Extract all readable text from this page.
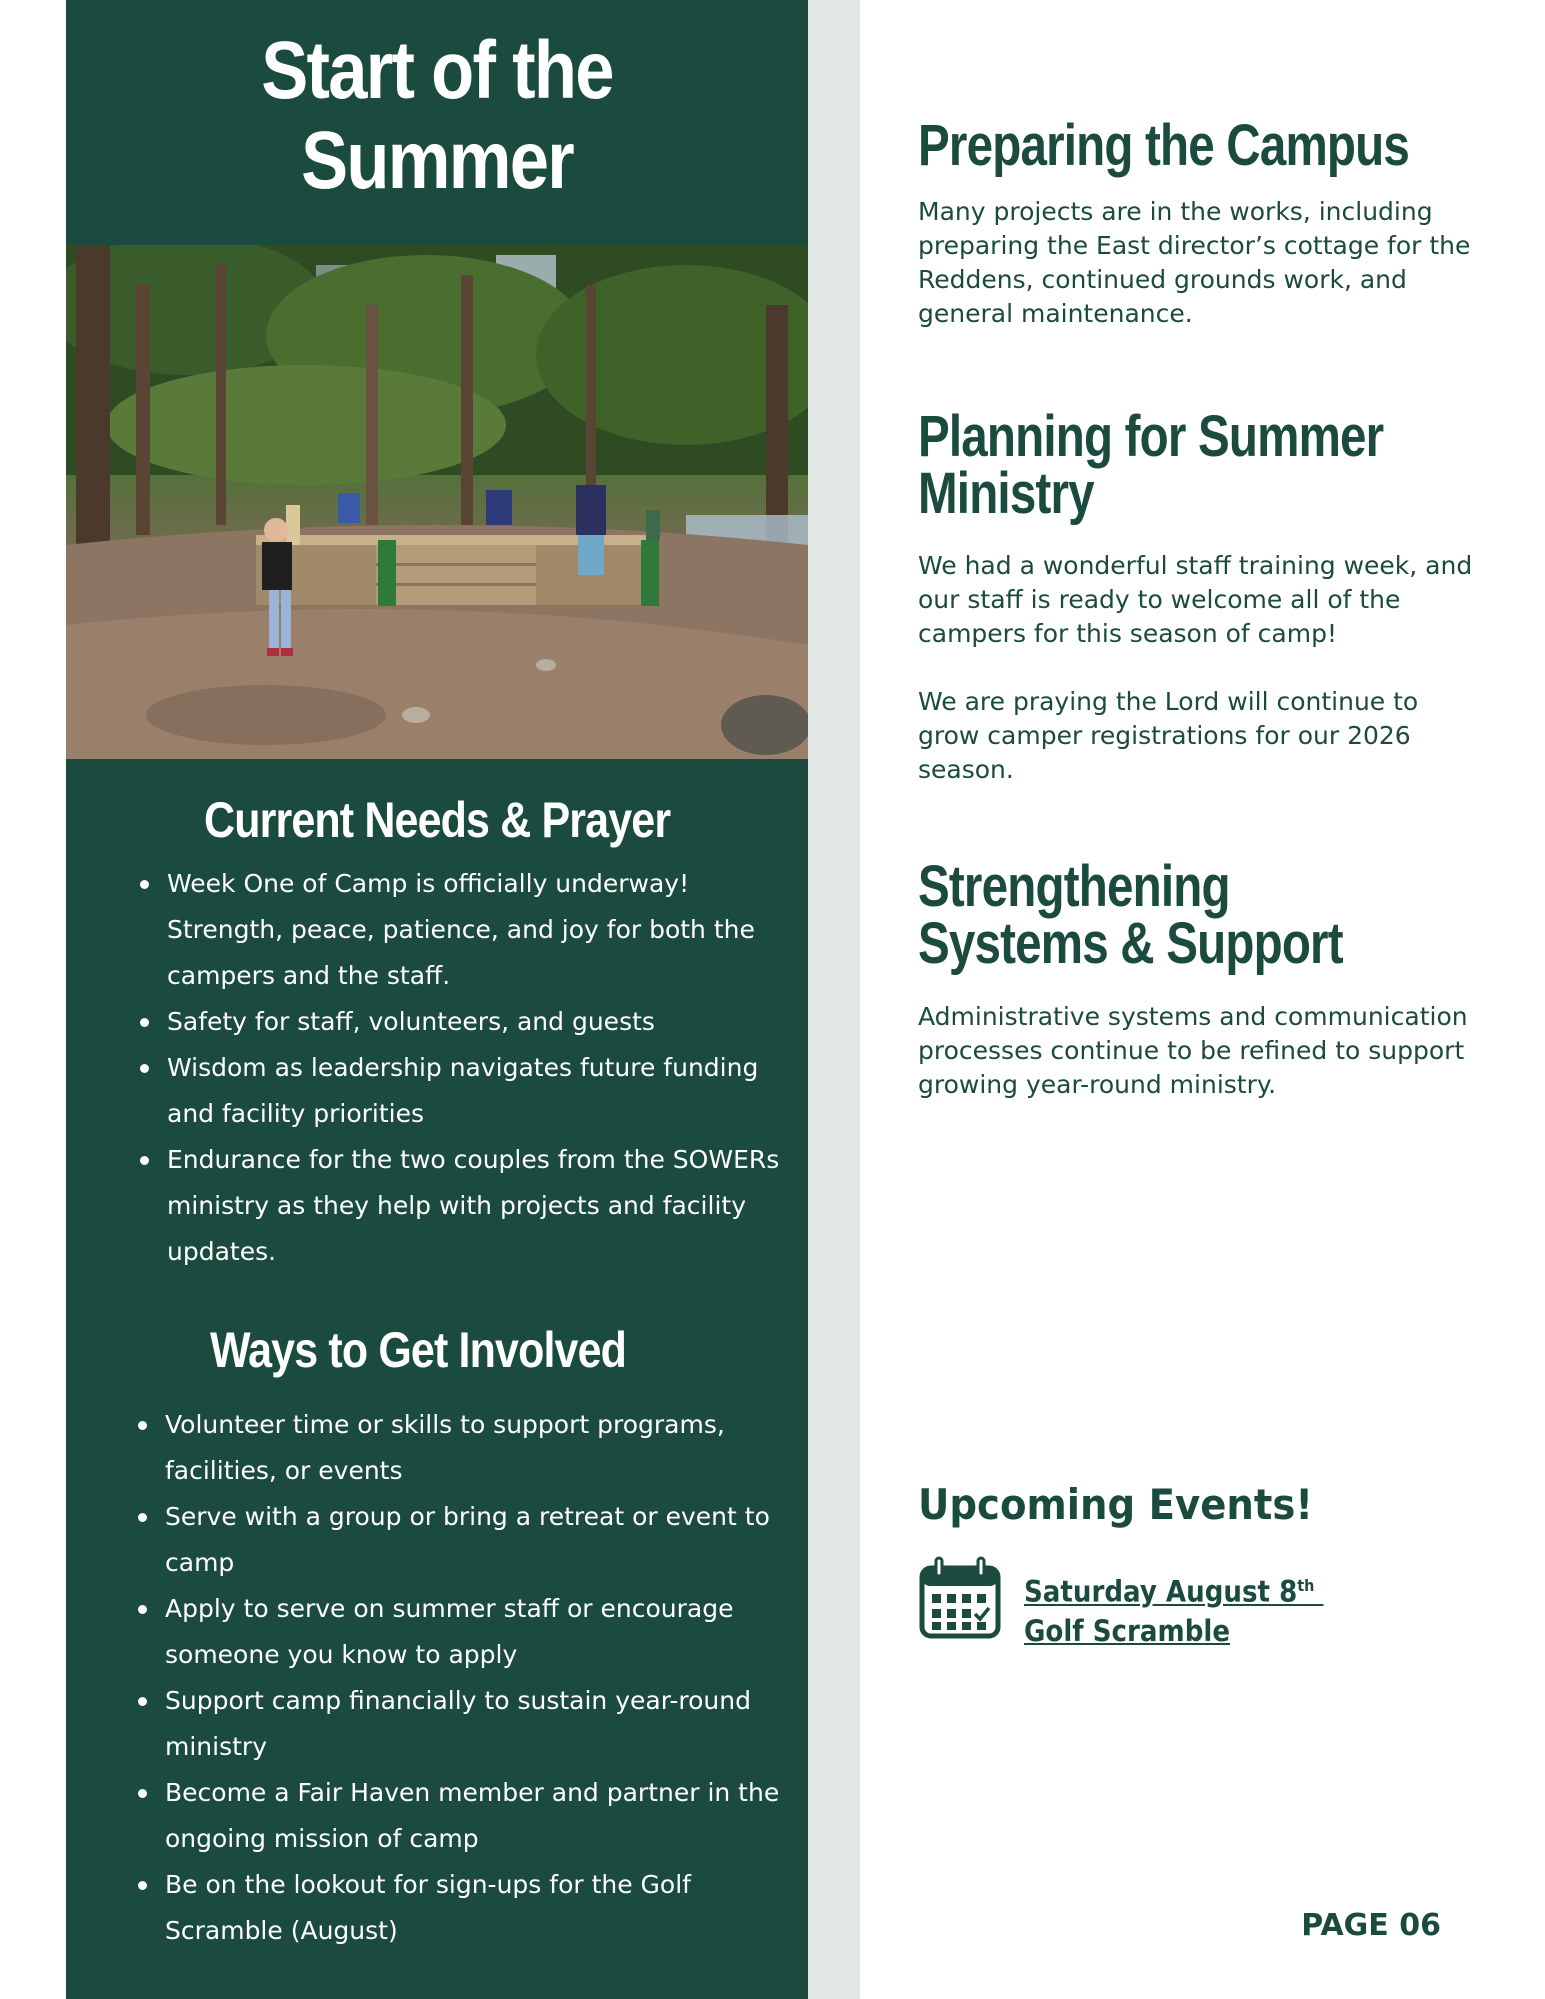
Start of the
Summer
Current Needs & Prayer
Week One of Camp is officially underway! Strength, peace, patience, and joy for both the campers and the staff.
Safety for staff, volunteers, and guests
Wisdom as leadership navigates future funding and facility priorities
Endurance for the two couples from the SOWERs ministry as they help with projects and facility updates.
Ways to Get Involved
Volunteer time or skills to support programs, facilities, or events
Serve with a group or bring a retreat or event to camp
Apply to serve on summer staff or encourage someone you know to apply
Support camp financially to sustain year-round ministry
Become a Fair Haven member and partner in the ongoing mission of camp
Be on the lookout for sign-ups for the Golf Scramble (August)
Preparing the Campus

Many projects are in the works, including preparing the East director’s cottage for the Reddens, continued grounds work, and general maintenance.

Planning for Summer
Ministry

We had a wonderful staff training week, and our staff is ready to welcome all of the campers for this season of camp!

We are praying the Lord will continue to grow camper registrations for our 2026 season.

Strengthening
Systems & Support

Administrative systems and communication processes continue to be refined to support growing year-round ministry.

Upcoming Events!
Saturday August 8th
Golf Scramble
PAGE 06
